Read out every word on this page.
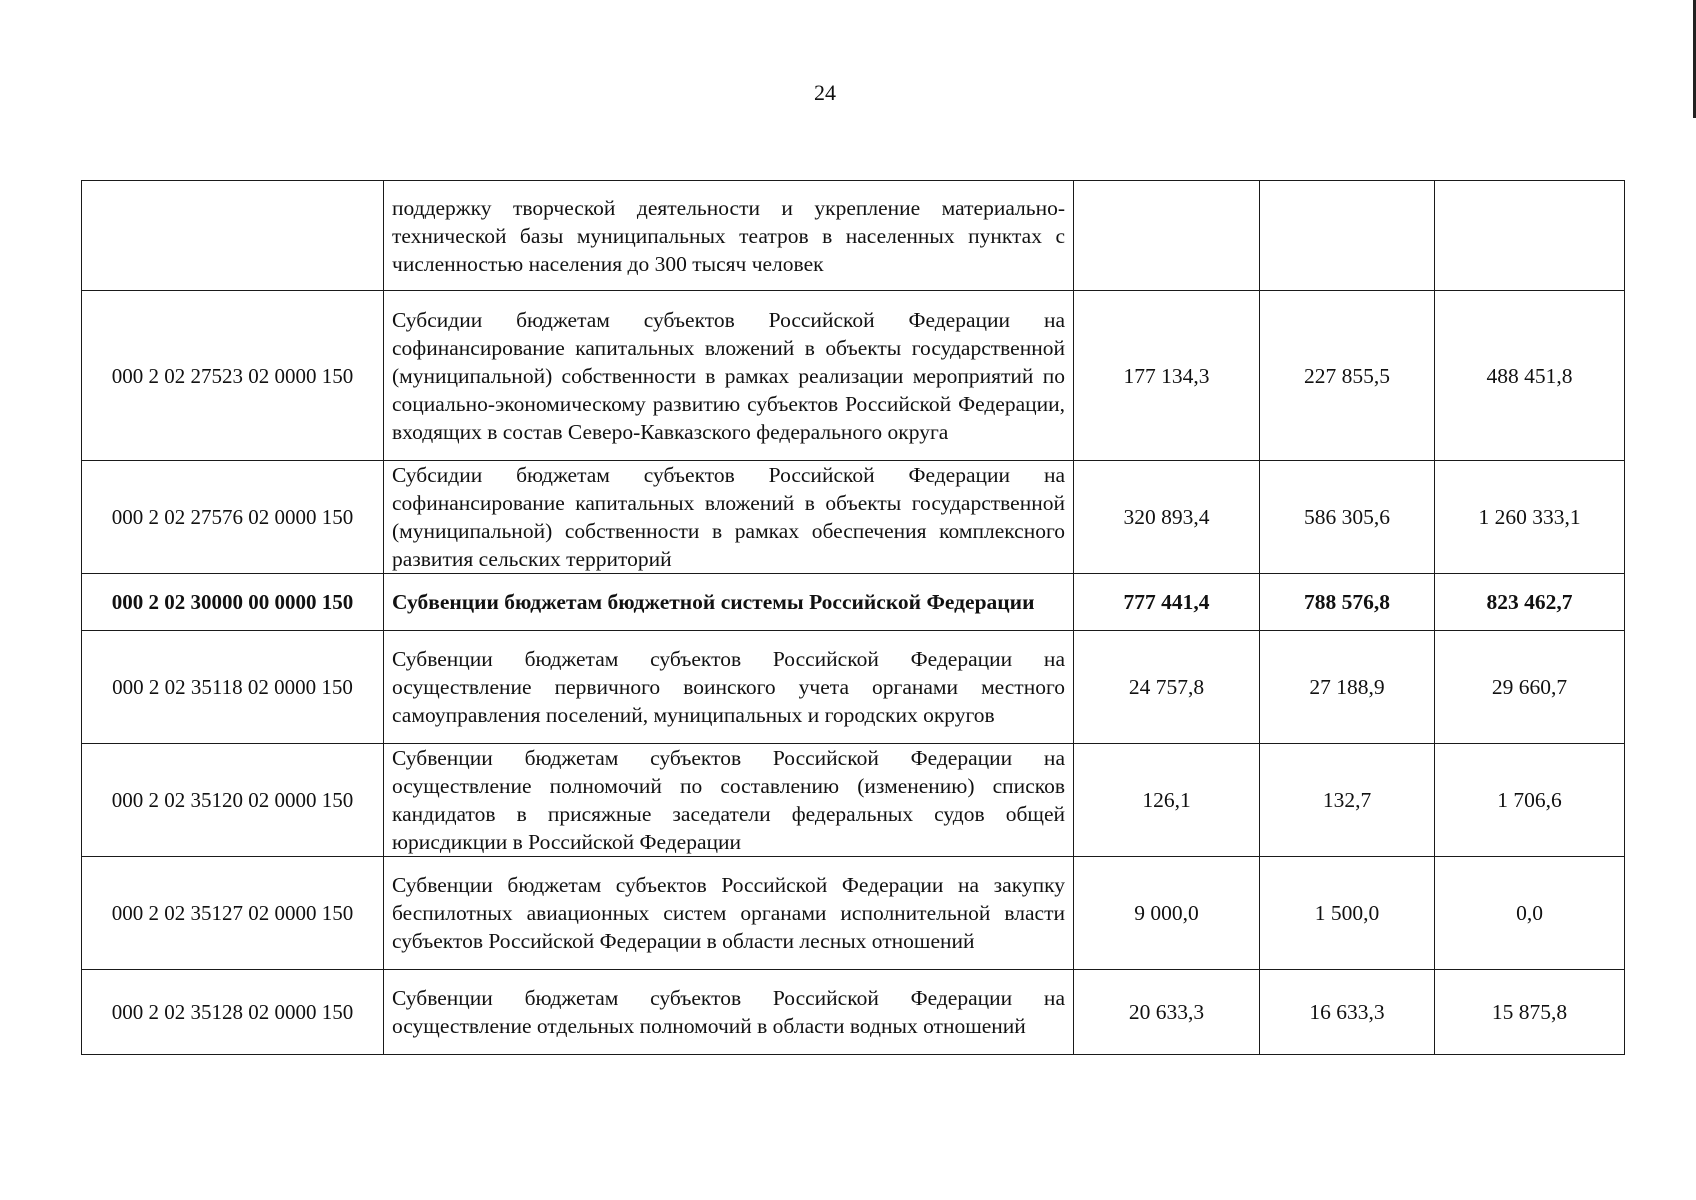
24
	поддержку творческой деятельности и укрепление материально-технической базы муниципальных театров в населенных пунктах с численностью населения до 300 тысяч человек			
000 2 02 27523 02 0000 150	Субсидии бюджетам субъектов Российской Федерации на софинансирование капитальных вложений в объекты государственной (муниципальной) собственности в рамках реализации мероприятий по социально-экономическому развитию субъектов Российской Федерации, входящих в состав Северо-Кавказского федерального округа	177 134,3	227 855,5	488 451,8
000 2 02 27576 02 0000 150	Субсидии бюджетам субъектов Российской Федерации на софинансирование капитальных вложений в объекты государственной (муниципальной) собственности в рамках обеспечения комплексного развития сельских территорий	320 893,4	586 305,6	1 260 333,1
000 2 02 30000 00 0000 150	Субвенции бюджетам бюджетной системы Российской Федерации	777 441,4	788 576,8	823 462,7
000 2 02 35118 02 0000 150	Субвенции бюджетам субъектов Российской Федерации на осуществление первичного воинского учета органами местного самоуправления поселений, муниципальных и городских округов	24 757,8	27 188,9	29 660,7
000 2 02 35120 02 0000 150	Субвенции бюджетам субъектов Российской Федерации на осуществление полномочий по составлению (изменению) списков кандидатов в присяжные заседатели федеральных судов общей юрисдикции в Российской Федерации	126,1	132,7	1 706,6
000 2 02 35127 02 0000 150	Субвенции бюджетам субъектов Российской Федерации на закупку беспилотных авиационных систем органами исполнительной власти субъектов Российской Федерации в области лесных отношений	9 000,0	1 500,0	0,0
000 2 02 35128 02 0000 150	Субвенции бюджетам субъектов Российской Федерации на осуществление отдельных полномочий в области водных отношений	20 633,3	16 633,3	15 875,8
